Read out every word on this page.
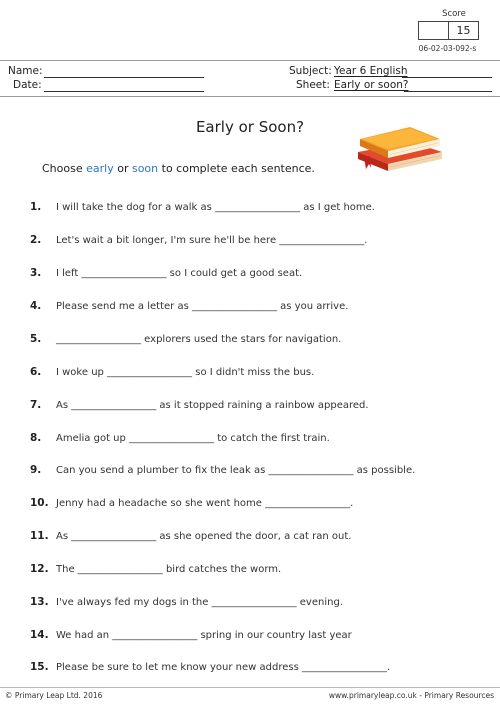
Score
15
06-02-03-092-s
Name:
Date:
Subject: Year 6 English
Sheet: Early or soon?
Early or Soon?
Choose early or soon to complete each sentence.
1.	I will take the dog for a walk as _________________ as I get home.
2.	Let's wait a bit longer, I'm sure he'll be here _________________.
3.	I left _________________ so I could get a good seat.
4.	Please send me a letter as _________________ as you arrive.
5.	_________________ explorers used the stars for navigation.
6.	I woke up _________________ so I didn't miss the bus.
7.	As _________________ as it stopped raining a rainbow appeared.
8.	Amelia got up _________________ to catch the first train.
9.	Can you send a plumber to fix the leak as _________________ as possible.
10. Jenny had a headache so she went home _________________.
11. As _________________ as she opened the door, a cat ran out.
12. The _________________ bird catches the worm.
13. I've always fed my dogs in the _________________ evening.
14. We had an _________________ spring in our country last year
15. Please be sure to let me know your new address _________________.
© Primary Leap Ltd. 2016	www.primaryleap.co.uk - Primary Resources
